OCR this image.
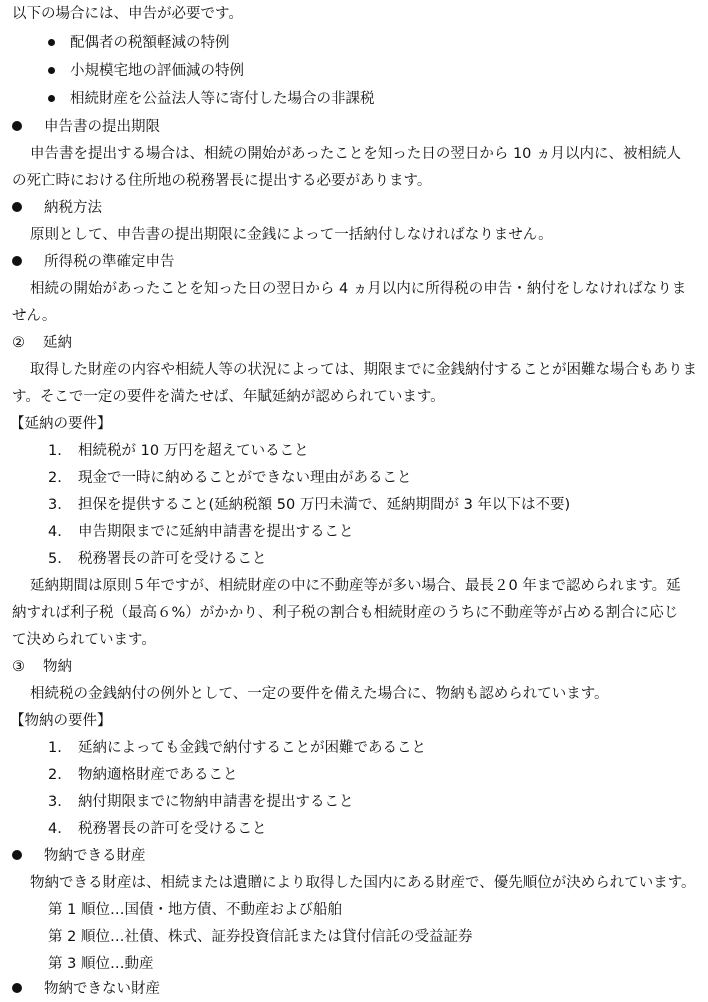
以下の場合には、申告が必要です。
配偶者の税額軽減の特例
小規模宅地の評価減の特例
相続財産を公益法人等に寄付した場合の非課税
申告書の提出期限
申告書を提出する場合は、相続の開始があったことを知った日の翌日から 10 ヵ月以内に、被相続人
の死亡時における住所地の税務署長に提出する必要があります。
納税方法
原則として、申告書の提出期限に金銭によって一括納付しなければなりません。
所得税の準確定申告
相続の開始があったことを知った日の翌日から 4 ヵ月以内に所得税の申告・納付をしなければなりま
せん。
② 延納
取得した財産の内容や相続人等の状況によっては、期限までに金銭納付することが困難な場合もありま
す。そこで一定の要件を満たせば、年賦延納が認められています。
【延納の要件】
1. 相続税が 10 万円を超えていること
2. 現金で一時に納めることができない理由があること
3. 担保を提供すること(延納税額 50 万円未満で、延納期間が 3 年以下は不要)
4. 申告期限までに延納申請書を提出すること
5. 税務署長の許可を受けること
延納期間は原則５年ですが、相続財産の中に不動産等が多い場合、最長２0 年まで認められます。延
納すれば利子税（最高６%）がかかり、利子税の割合も相続財産のうちに不動産等が占める割合に応じ
て決められています。
③ 物納
相続税の金銭納付の例外として、一定の要件を備えた場合に、物納も認められています。
【物納の要件】
1. 延納によっても金銭で納付することが困難であること
2. 物納適格財産であること
3. 納付期限までに物納申請書を提出すること
4. 税務署長の許可を受けること
物納できる財産
物納できる財産は、相続または遺贈により取得した国内にある財産で、優先順位が決められています。
第 1 順位…国債・地方債、不動産および船舶
第 2 順位…社債、株式、証券投資信託または貸付信託の受益証券
第 3 順位…動産
物納できない財産
